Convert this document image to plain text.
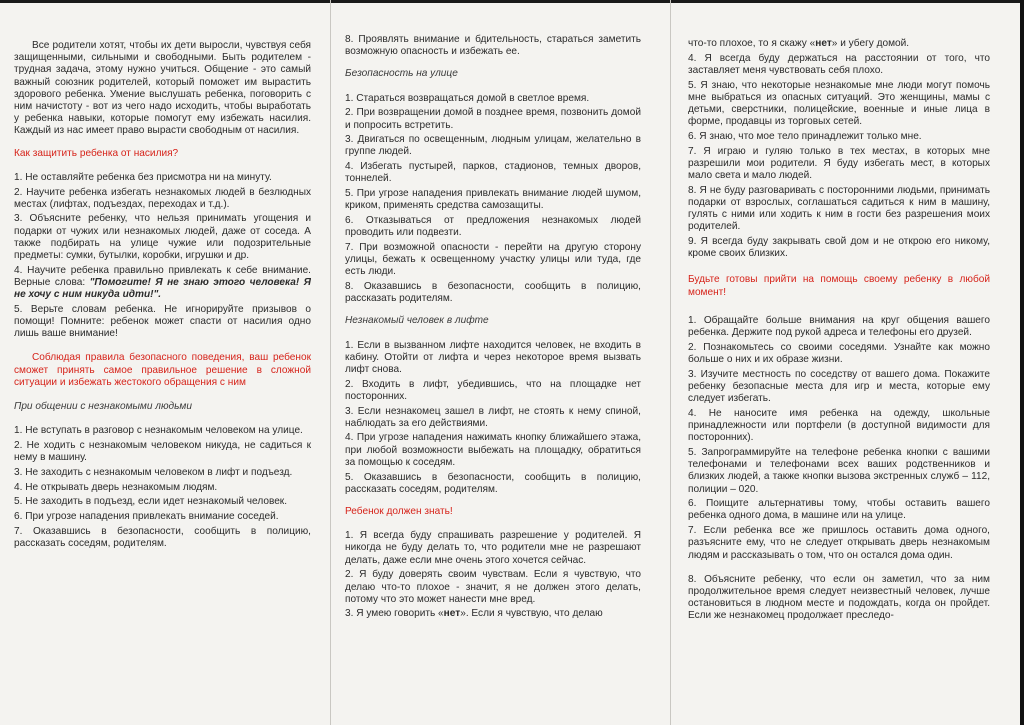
Все родители хотят, чтобы их дети выросли, чувствуя себя защищенными, сильными и свободными. Быть родителем - трудная задача, этому нужно учиться. Общение - это самый важный союзник родителей, который поможет им вырастить здорового ребенка. Умение выслушать ребенка, поговорить с ним начистоту - вот из чего надо исходить, чтобы выработать у ребенка навыки, которые помогут ему избежать насилия. Каждый из нас имеет право вырасти свободным от насилия.

Как защитить ребенка от насилия?

1. Не оставляйте ребенка без присмотра ни на минуту.

2. Научите ребенка избегать незнакомых людей в безлюдных местах (лифтах, подъездах, переходах и т.д.).

3. Объясните ребенку, что нельзя принимать угощения и подарки от чужих или незнакомых людей, даже от соседа. А также подбирать на улице чужие или подозрительные предметы: сумки, бутылки, коробки, игрушки и др.

4. Научите ребенка правильно привлекать к себе внимание. Верные слова: "Помогите! Я не знаю этого человека! Я не хочу с ним никуда идти!".

5. Верьте словам ребенка. Не игнорируйте призывов о помощи! Помните: ребенок может спасти от насилия одно лишь ваше внимание!

Соблюдая правила безопасного поведения, ваш ребенок сможет принять самое правильное решение в сложной ситуации и избежать жестокого обращения с ним

При общении с незнакомыми людьми

1. Не вступать в разговор с незнакомым человеком на улице.

2. Не ходить с незнакомым человеком никуда, не садиться к нему в машину.

3. Не заходить с незнакомым человеком в лифт и подъезд.

4. Не открывать дверь незнакомым людям.

5. Не заходить в подъезд, если идет незнакомый человек.

6. При угрозе нападения привлекать внимание соседей.

7. Оказавшись в безопасности, сообщить в полицию, рассказать соседям, родителям.

8. Проявлять внимание и бдительность, стараться заметить возможную опасность и избежать ее.

Безопасность на улице

1. Стараться возвращаться домой в светлое время.

2. При возвращении домой в позднее время, позвонить домой и попросить встретить.

3. Двигаться по освещенным, людным улицам, желательно в группе людей.

4. Избегать пустырей, парков, стадионов, темных дворов, тоннелей.

5. При угрозе нападения привлекать внимание людей шумом, криком, применять средства самозащиты.

6. Отказываться от предложения незнакомых людей проводить или подвезти.

7. При возможной опасности - перейти на другую сторону улицы, бежать к освещенному участку улицы или туда, где есть люди.

8. Оказавшись в безопасности, сообщить в полицию, рассказать родителям.

Незнакомый человек в лифте

1. Если в вызванном лифте находится человек, не входить в кабину. Отойти от лифта и через некоторое время вызвать лифт снова.

2. Входить в лифт, убедившись, что на площадке нет посторонних.

3. Если незнакомец зашел в лифт, не стоять к нему спиной, наблюдать за его действиями.

4. При угрозе нападения нажимать кнопку ближайшего этажа, при любой возможности выбежать на площадку, обратиться за помощью к соседям.

5. Оказавшись в безопасности, сообщить в полицию, рассказать соседям, родителям.

Ребенок должен знать!

1. Я всегда буду спрашивать разрешение у родителей. Я никогда не буду делать то, что родители мне не разрешают делать, даже если мне очень этого хочется сейчас.

2. Я буду доверять своим чувствам. Если я чувствую, что делаю что-то плохое - значит, я не должен этого делать, потому что это может нанести мне вред.

3. Я умею говорить «нет». Если я чувствую, что делаю

что-то плохое, то я скажу «нет» и убегу домой.

4. Я всегда буду держаться на расстоянии от того, что заставляет меня чувствовать себя плохо.

5. Я знаю, что некоторые незнакомые мне люди могут помочь мне выбраться из опасных ситуаций. Это женщины, мамы с детьми, сверстники, полицейские, военные и иные лица в форме, продавцы из торговых сетей.

6. Я знаю, что мое тело принадлежит только мне.

7. Я играю и гуляю только в тех местах, в которых мне разрешили мои родители. Я буду избегать мест, в которых мало света и мало людей.

8. Я не буду разговаривать с посторонними людьми, принимать подарки от взрослых, соглашаться садиться к ним в машину, гулять с ними или ходить к ним в гости без разрешения моих родителей.

9. Я всегда буду закрывать свой дом и не открою его никому, кроме своих близких.

Будьте готовы прийти на помощь своему ребенку в любой момент!

1. Обращайте больше внимания на круг общения вашего ребенка. Держите под рукой адреса и телефоны его друзей.

2. Познакомьтесь со своими соседями. Узнайте как можно больше о них и их образе жизни.

3. Изучите местность по соседству от вашего дома. Покажите ребенку безопасные места для игр и места, которые ему следует избегать.

4. Не наносите имя ребенка на одежду, школьные принадлежности или портфели (в доступной видимости для посторонних).

5. Запрограммируйте на телефоне ребенка кнопки с вашими телефонами и телефонами всех ваших родственников и близких людей, а также кнопки вызова экстренных служб – 112, полиции – 020.

6. Поищите альтернативы тому, чтобы оставить вашего ребенка одного дома, в машине или на улице.

7. Если ребенка все же пришлось оставить дома одного, разъясните ему, что не следует открывать дверь незнакомым людям и рассказывать о том, что он остался дома один.

8. Объясните ребенку, что если он заметил, что за ним продолжительное время следует неизвестный человек, лучше остановиться в людном месте и подождать, когда он пройдет. Если же незнакомец продолжает преследо-
